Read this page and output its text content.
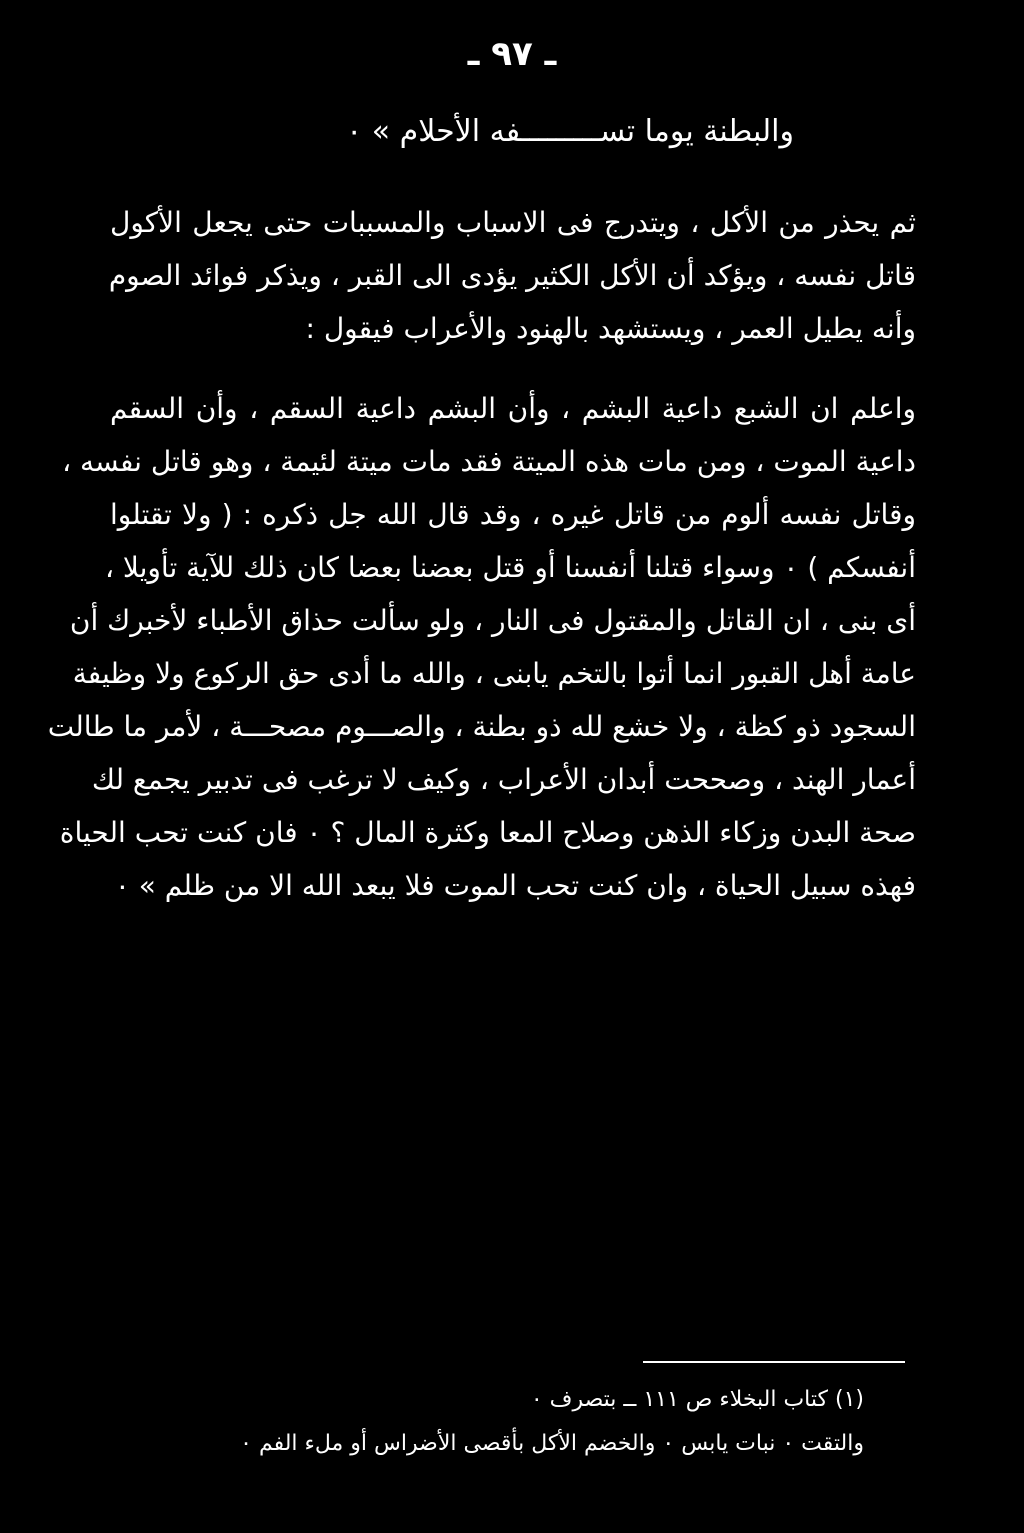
ـ ٩٧ ـ
والبطنة يوما تســـــــــفه الأحلام » ٠
ثم يحذر من الأكل ، ويتدرج فى الاسباب والمسببات حتى يجعل الأكول
قاتل نفسه ، ويؤكد أن الأكل الكثير يؤدى الى القبر ، ويذكر فوائد الصوم
وأنه يطيل العمر ، ويستشهد بالهنود والأعراب فيقول :
واعلم ان الشبع داعية البشم ، وأن البشم داعية السقم ، وأن السقم
داعية الموت ، ومن مات هذه الميتة فقد مات ميتة لئيمة ، وهو قاتل نفسه ،
وقاتل نفسه ألوم من قاتل غيره ، وقد قال الله جل ذكره : ( ولا تقتلوا
أنفسكم ) ٠ وسواء قتلنا أنفسنا أو قتل بعضنا بعضا كان ذلك للآية تأويلا ،
أى بنى ، ان القاتل والمقتول فى النار ، ولو سألت حذاق الأطباء لأخبرك أن
عامة أهل القبور انما أتوا بالتخم يابنى ، والله ما أدى حق الركوع ولا وظيفة
السجود ذو كظة ، ولا خشع لله ذو بطنة ، والصـــوم مصحـــة ، لأمر ما طالت
أعمار الهند ، وصححت أبدان الأعراب ، وكيف لا ترغب فى تدبير يجمع لك
صحة البدن وزكاء الذهن وصلاح المعا وكثرة المال ؟ ٠ فان كنت تحب الحياة
فهذه سبيل الحياة ، وان كنت تحب الموت فلا يبعد الله الا من ظلم » ٠
(١) كتاب البخلاء ص ١١١ ــ بتصرف ٠
والتقت ٠ نبات يابس ٠ والخضم الأكل بأقصى الأضراس أو ملء الفم ٠
